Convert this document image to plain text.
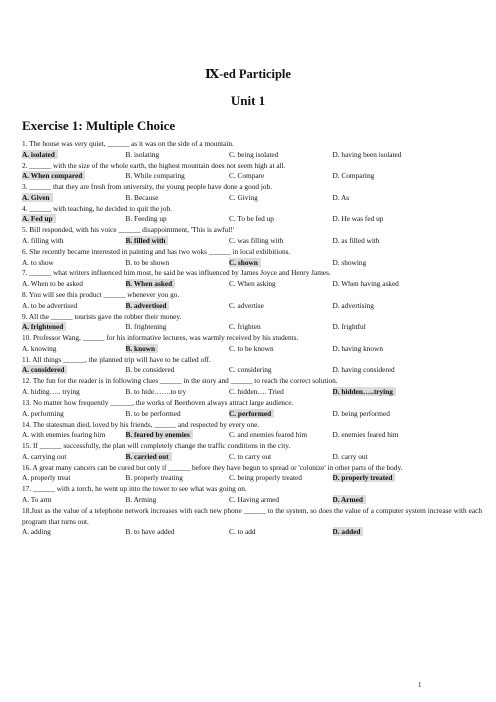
Ⅸ-ed Participle
Unit 1
Exercise 1: Multiple Choice
1. The house was very quiet, ______ as it was on the side of a mountain.
A. isolated	B. isolating	C. being isolated	D. having been isolated
2. ______ with the size of the whole earth, the highest mountain does not seem high at all.
A. When compared	B. While comparing	C. Compare	D. Comparing
3. ______ that they are fresh from university, the young people have done a good job.
A. Given	B. Because	C. Giving	D. As
4. ______ with teaching, he decided to quit the job.
A. Fed up	B. Feeding up	C. To be fed up	D. He was fed up
5. Bill responded, with his voice ______ disappointment, 'This is awful!'
A. filling with	B. filled with	C. was filling with	D. as filled with
6. She recently became interested in painting and has two woks ______ in local exhibitions.
A. to show	B. to be shown	C. shown	D. showing
7. ______ what writers influenced him most, he said he was influenced by James Joyce and Henry James.
A. When to be asked	B. When asked	C. When asking	D. When having asked
8. You will see this product ______ whenever you go.
A. to be advertised	B. advertised	C. advertise	D. advertising
9. All the ______ tourists gave the robber their money.
A. frightened	B. frightening	C. frighten	D. frightful
10. Professor Wang, ______ for his informative lectures, was warmly received by his students.
A. knowing	B. known	C. to be known	D. having known
11. All things ______, the planned trip will have to be called off.
A. considered	B. be considered	C. considering	D. having considered
12. The fun for the reader is in following clues ______ in the story and ______ to reach the correct solution.
A. hiding….. trying	B. to hide…….to try	C. hidden…. Tried	D. hidden…..trying
13. No matter how frequently ______, the works of Beethoven always attract large audience.
A. performing	B. to be performed	C. performed	D. being performed
14. The statesman died, loved by his friends, ______ and respected by every one.
A. with enemies fearing him	B. feared by enemies	C. and enemies feared him	D. enemies feared him
15. If ______ successfully, the plan will completely change the traffic conditions in the city.
A. carrying out	B. carried out	C. to carry out	D. carry out
16. A great many cancers can be cured but only if ______ before they have begun to spread or 'colonize' in other parts of the body.
A. properly treat	B. properly treating	C. being properly treated	D. properly treated
17. ______ with a torch, he went up into the tower to see what was going on.
A. To arm	B. Arming	C. Having armed	D. Armed
18.Just as the value of a telephone network increases with each new phone ______ to the system, so does the value of a computer system increase with each program that turns out.
A. adding	B. to have added	C. to add	D. added
1
